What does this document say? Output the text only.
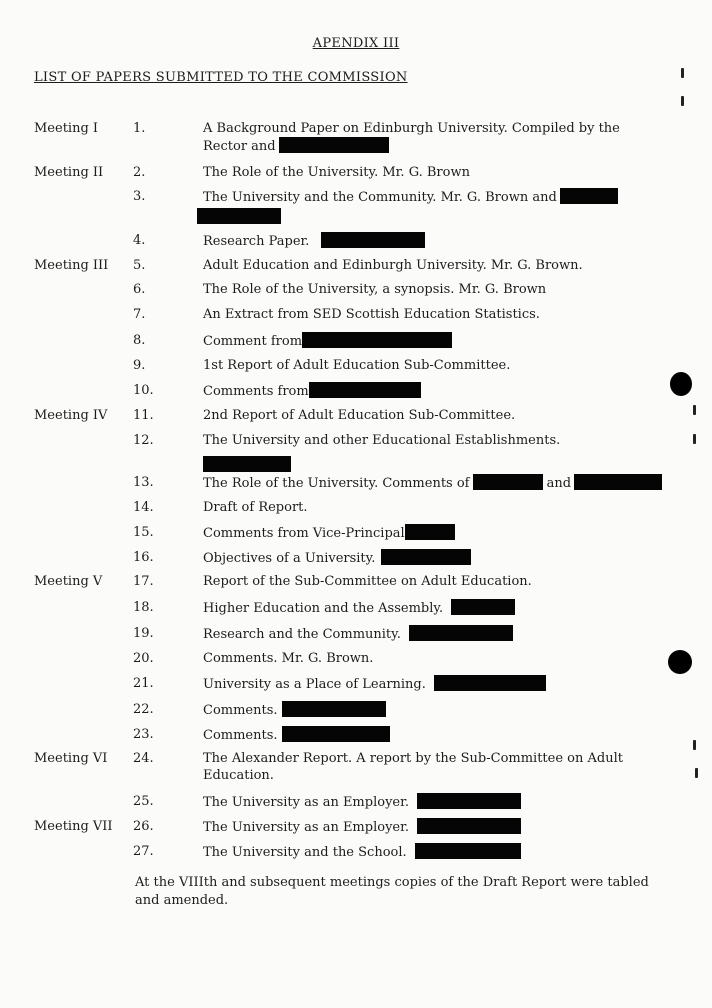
APENDIX III
LIST OF PAPERS SUBMITTED TO THE COMMISSION
Meeting I	1.	A Background Paper on Edinburgh University. Compiled by the Rector and
Meeting II 2.	The Role of the University. Mr. G. Brown
3.	The University and the Community. Mr. G. Brown and
4.	Research Paper.
Meeting III 5.	Adult Education and Edinburgh University. Mr. G. Brown.
6.	The Role of the University, a synopsis. Mr. G. Brown
7.	An Extract from SED Scottish Education Statistics.
8.	Comment from
9.	1st Report of Adult Education Sub-Committee.
10.	Comments from
Meeting IV 11.	2nd Report of Adult Education Sub-Committee.
12.	The University and other Educational Establishments.
13.	The Role of the University. Comments of	and
14.	Draft of Report.
15.	Comments from Vice-Principal
16.	Objectives of a University.
Meeting V 17.	Report of the Sub-Committee on Adult Education.
18.	Higher Education and the Assembly.
19.	Research and the Community.
20.	Comments. Mr. G. Brown.
21.	University as a Place of Learning.
22.	Comments.
23.	Comments.
Meeting VI 24.	The Alexander Report. A report by the Sub-Committee on Adult Education.
25.	The University as an Employer.
Meeting VII 26.	The University as an Employer.
27.	The University and the School.
At the VIIIth and subsequent meetings copies of the Draft Report were tabled and amended.
